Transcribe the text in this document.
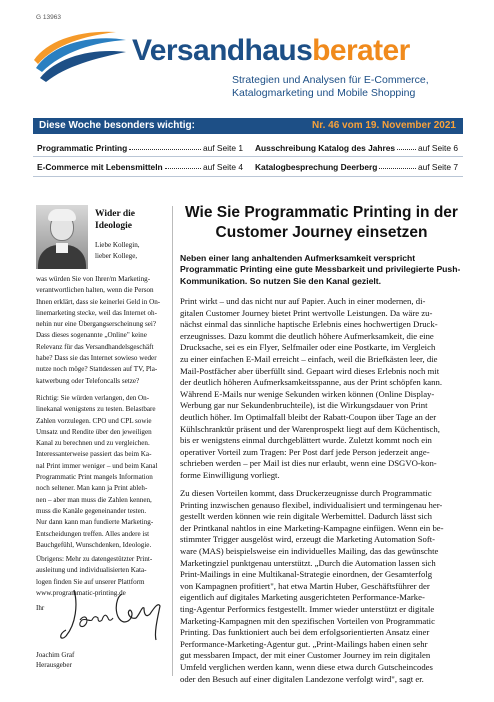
G 13963
Versandhausberater
Strategien und Analysen für E-Commerce,
Katalogmarketing und Mobile Shopping
Diese Woche besonders wichtig:	Nr. 46 vom 19. November 2021
Programmatic Printing	auf Seite 1 Ausschreibung Katalog des Jahres	auf Seite 6
E-Commerce mit Lebensmitteln	auf Seite 4 Katalogbesprechung Deerberg	auf Seite 7
Wider die
Ideologie
Liebe Kollegin,
lieber Kollege,
was würden Sie von Ihrer/m Marketing-
verantwortlichen halten, wenn die Person
Ihnen erklärt, dass sie keinerlei Geld in On-
linemarketing stecke, weil das Internet oh-
nehin nur eine Übergangserscheinung sei?
Dass dieses sogenannte „Online" keine
Relevanz für das Versandhandelsgeschäft
habe? Dass sie das Internet sowieso weder
nutze noch möge? Stattdessen auf TV, Pla-
katwerbung oder Telefoncalls setze?
Richtig: Sie würden verlangen, den On-
linekanal wenigstens zu testen. Belastbare
Zahlen vorzulegen. CPO und CPL sowie
Umsatz und Rendite über den jeweiligen
Kanal zu berechnen und zu vergleichen.
Interessanterweise passiert das beim Ka-
nal Print immer weniger – und beim Kanal
Programmatic Print mangels Information
noch seltener. Man kann ja Print ableh-
nen – aber man muss die Zahlen kennen,
muss die Kanäle gegeneinander testen.
Nur dann kann man fundierte Marketing-
Entscheidungen treffen. Alles andere ist
Bauchgefühl, Wunschdenken, Ideologie.
Übrigens: Mehr zu datengestützter Print-
ausleitung und individualisierten Kata-
logen finden Sie auf unserer Plattform
www.programmatic-printing.de
Ihr
Joachim Graf
Herausgeber
Wie Sie Programmatic Printing in der Customer Journey einsetzen
Neben einer lang anhaltenden Aufmerksamkeit verspricht Programmatic Printing eine gute Messbarkeit und privilegierte Push-Kommunikation. So nutzen Sie den Kanal gezielt.
Print wirkt – und das nicht nur auf Papier. Auch in einer modernen, di-
gitalen Customer Journey bietet Print wertvolle Leistungen. Da wäre zu-
nächst einmal das sinnliche haptische Erlebnis eines hochwertigen Druck-
erzeugnisses. Dazu kommt die deutlich höhere Aufmerksamkeit, die eine
Drucksache, sei es ein Flyer, Selfmailer oder eine Postkarte, im Vergleich
zu einer einfachen E-Mail erreicht – einfach, weil die Briefkästen leer, die
Mail-Postfächer aber überfüllt sind. Gepaart wird dieses Erlebnis noch mit
der deutlich höheren Aufmerksamkeitsspanne, aus der Print schöpfen kann.
Während E-Mails nur wenige Sekunden wirken können (Online Display-
Werbung gar nur Sekundenbruchteile), ist die Wirkungsdauer von Print
deutlich höher. Im Optimalfall bleibt der Rabatt-Coupon über Tage an der
Kühlschranktür präsent und der Warenprospekt liegt auf dem Küchentisch,
bis er wenigstens einmal durchgeblättert wurde. Zuletzt kommt noch ein
operativer Vorteil zum Tragen: Per Post darf jede Person jederzeit ange-
schrieben werden – per Mail ist dies nur erlaubt, wenn eine DSGVO-kon-
forme Einwilligung vorliegt.
Zu diesen Vorteilen kommt, dass Druckerzeugnisse durch Programmatic
Printing inzwischen genauso flexibel, individualisiert und termingenau her-
gestellt werden können wie rein digitale Werbemittel. Dadurch lässt sich
der Printkanal nahtlos in eine Marketing-Kampagne einfügen. Wenn ein be-
stimmter Trigger ausgelöst wird, erzeugt die Marketing Automation Soft-
ware (MAS) beispielsweise ein individuelles Mailing, das das gewünschte
Marketingziel punktgenau unterstützt. „Durch die Automation lassen sich
Print-Mailings in eine Multikanal-Strategie einordnen, der Gesamterfolg
von Kampagnen profitiert", hat etwa Martin Huber, Geschäftsführer der
eigentlich auf digitales Marketing ausgerichteten Performance-Marke-
ting-Agentur Performics festgestellt. Immer wieder unterstützt er digitale
Marketing-Kampagnen mit den spezifischen Vorteilen von Programmatic
Printing. Das funktioniert auch bei dem erfolgsorientierten Ansatz einer
Performance-Marketing-Agentur gut. „Print-Mailings haben einen sehr
gut messbaren Impact, der mit einer Customer Journey im rein digitalen
Umfeld verglichen werden kann, wenn diese etwa durch Gutscheincodes
oder den Besuch auf einer digitalen Landezone verfolgt wird", sagt er.
